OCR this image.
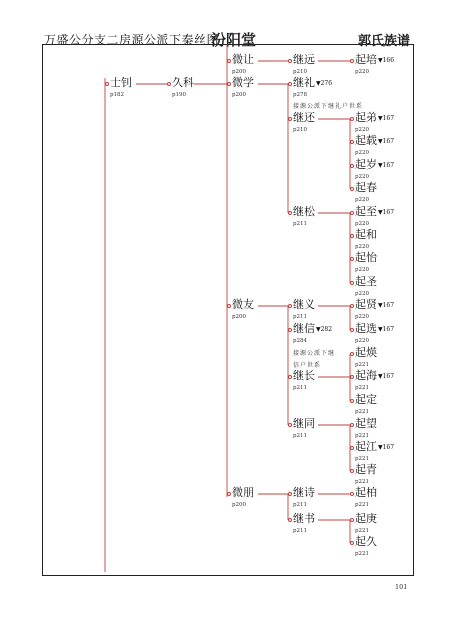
万盛公分支二房源公派下秦丝图
汾阳堂	郭氏族谱
101
士钊
p182
久科
p190
微让
p200
微学
p200
微友
p200
微朋
p200
继远
p210
继礼▼276
p278
继还
p210
继松
p211
继义
p211
继信▼282
p284
继长
p211
继同
p211
继诗
p211
继书
p211
起培▼166
p220
起弟▼167
p220
起载▼167
p220
起岁▼167
p220
起春
p220
起至▼167
p220
起和
p220
起怡
p220
起圣
p220
起贤▼167
p220
起选▼167
p220
起煐
p221
起海▼167
p221
起定
p221
起望
p221
起江▼167
p221
起青
p221
起柏
p221
起庚
p221
起久
p221
接源公派下继礼户世系
接源公派下继
信户世系
